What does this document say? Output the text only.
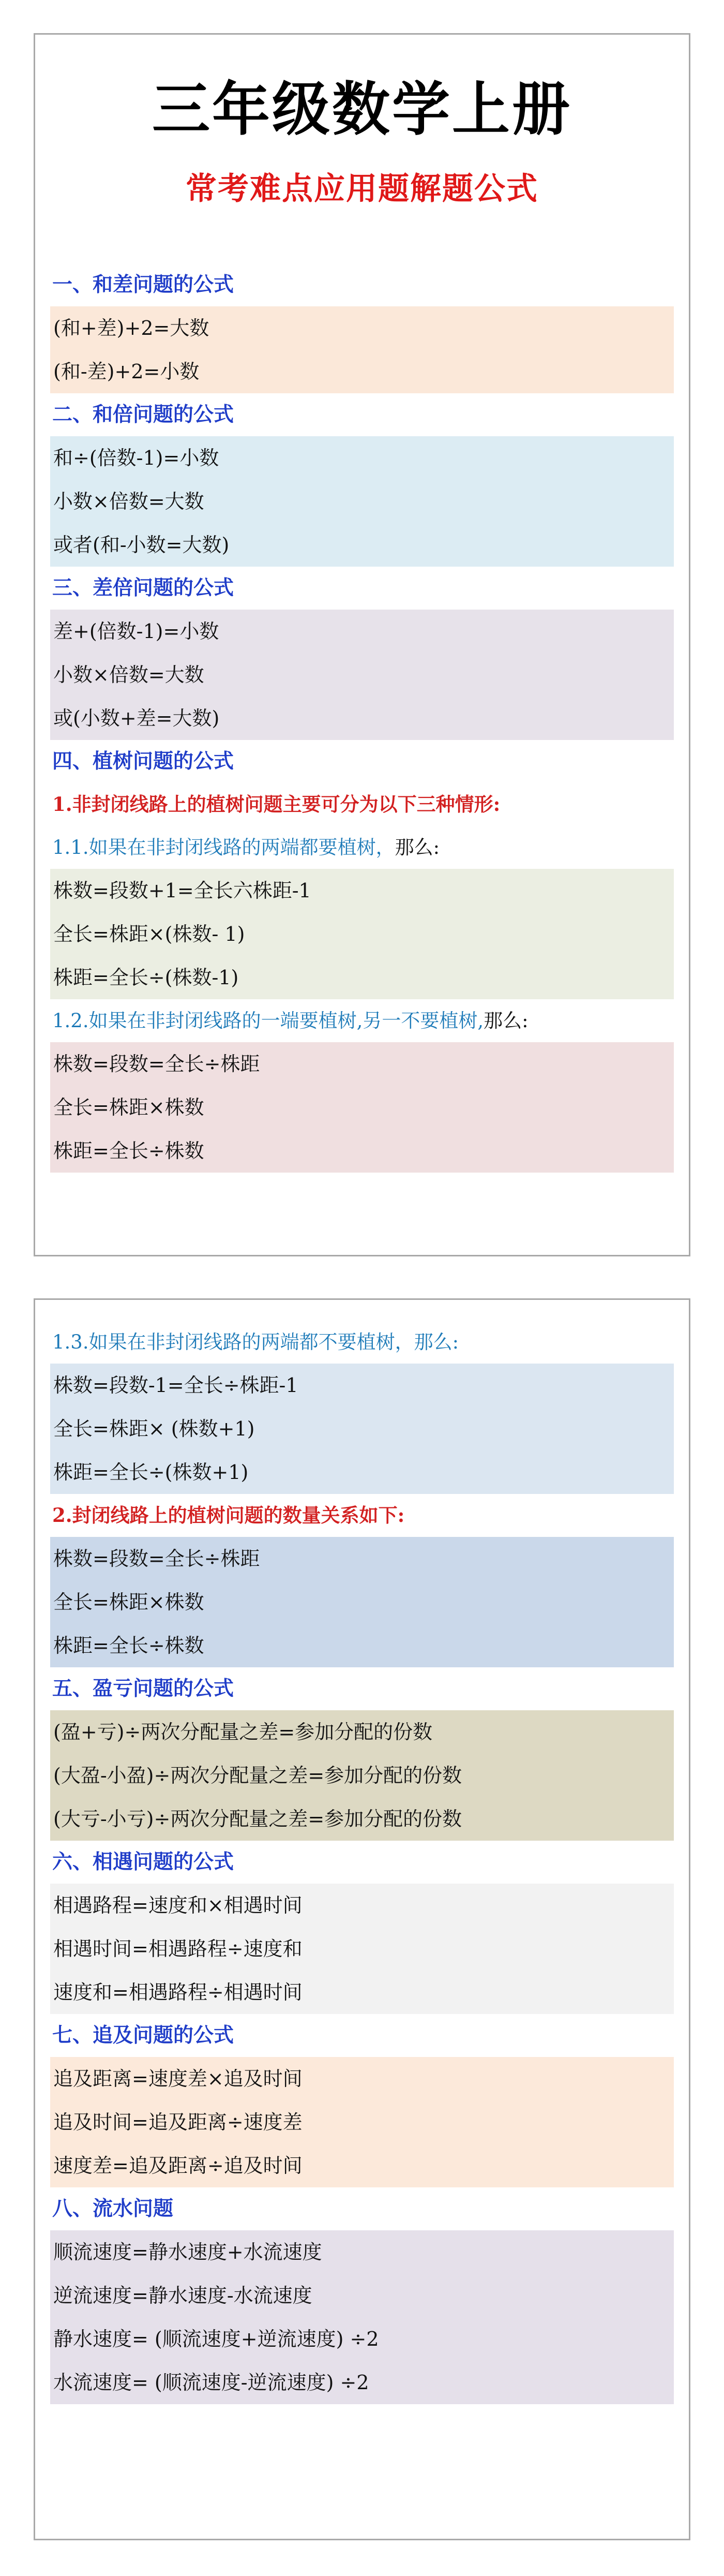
三年级数学上册
常考难点应用题解题公式
一、和差问题的公式
(和+差)+2=大数
(和-差)+2=小数
二、和倍问题的公式
和÷(倍数-1)=小数
小数×倍数=大数
或者(和-小数=大数)
三、差倍问题的公式
差+(倍数-1)=小数
小数×倍数=大数
或(小数+差=大数)
四、植树问题的公式
1.非封闭线路上的植树问题主要可分为以下三种情形:
1.1.如果在非封闭线路的两端都要植树，那么:
株数=段数+1=全长六株距-1
全长=株距×(株数- 1)
株距=全长÷(株数-1)
1.2.如果在非封闭线路的一端要植树,另一不要植树,那么:
株数=段数=全长÷株距
全长=株距×株数
株距=全长÷株数
1.3.如果在非封闭线路的两端都不要植树，那么:
株数=段数-1=全长÷株距-1
全长=株距× (株数+1)
株距=全长÷(株数+1)
2.封闭线路上的植树问题的数量关系如下:
株数=段数=全长÷株距
全长=株距×株数
株距=全长÷株数
五、盈亏问题的公式
(盈+亏)÷两次分配量之差=参加分配的份数
(大盈-小盈)÷两次分配量之差=参加分配的份数
(大亏-小亏)÷两次分配量之差=参加分配的份数
六、相遇问题的公式
相遇路程=速度和×相遇时间
相遇时间=相遇路程÷速度和
速度和=相遇路程÷相遇时间
七、追及问题的公式
追及距离=速度差×追及时间
追及时间=追及距离÷速度差
速度差=追及距离÷追及时间
八、流水问题
顺流速度=静水速度+水流速度
逆流速度=静水速度-水流速度
静水速度= (顺流速度+逆流速度) ÷2
水流速度= (顺流速度-逆流速度) ÷2
